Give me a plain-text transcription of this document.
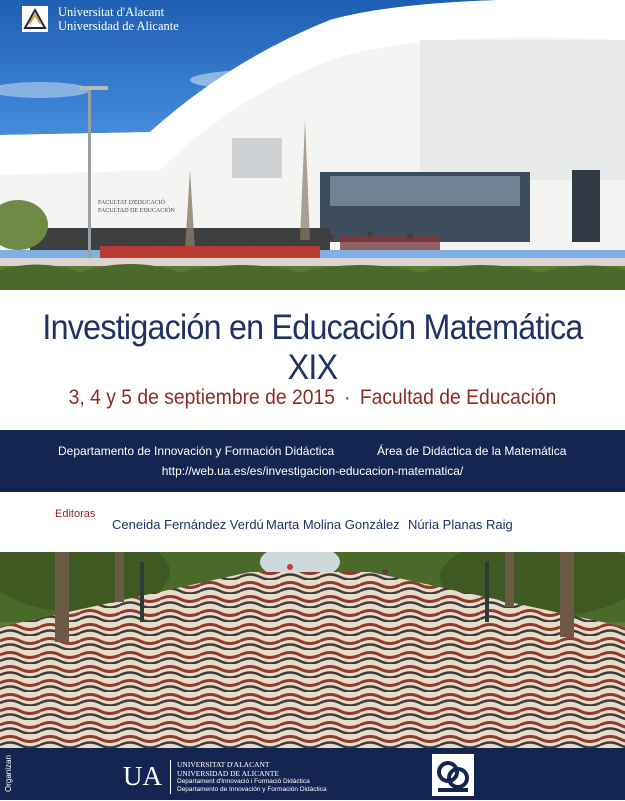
FACULTAT D'EDUCACIÓ
FACULTAD DE EDUCACIÓN
Universitat d'Alacant
Universidad de Alicante
Investigación en Educación Matemática XIX
3, 4 y 5 de septiembre de 2015 · Facultad de Educación
Departamento de Innovación y Formación Didáctica	Área de Didáctica de la Matemática
http://web.ua.es/es/investigacion-educacion-matematica/
Editoras
Ceneida Fernández Verdú Marta Molina González Núria Planas Raig
UA UNIVERSITAT D'ALACANT
UNIVERSIDAD DE ALICANTE
Departament d'Innovació i Formació Didàctica
Departamento de Innovación y Formación Didáctica
Organizan
